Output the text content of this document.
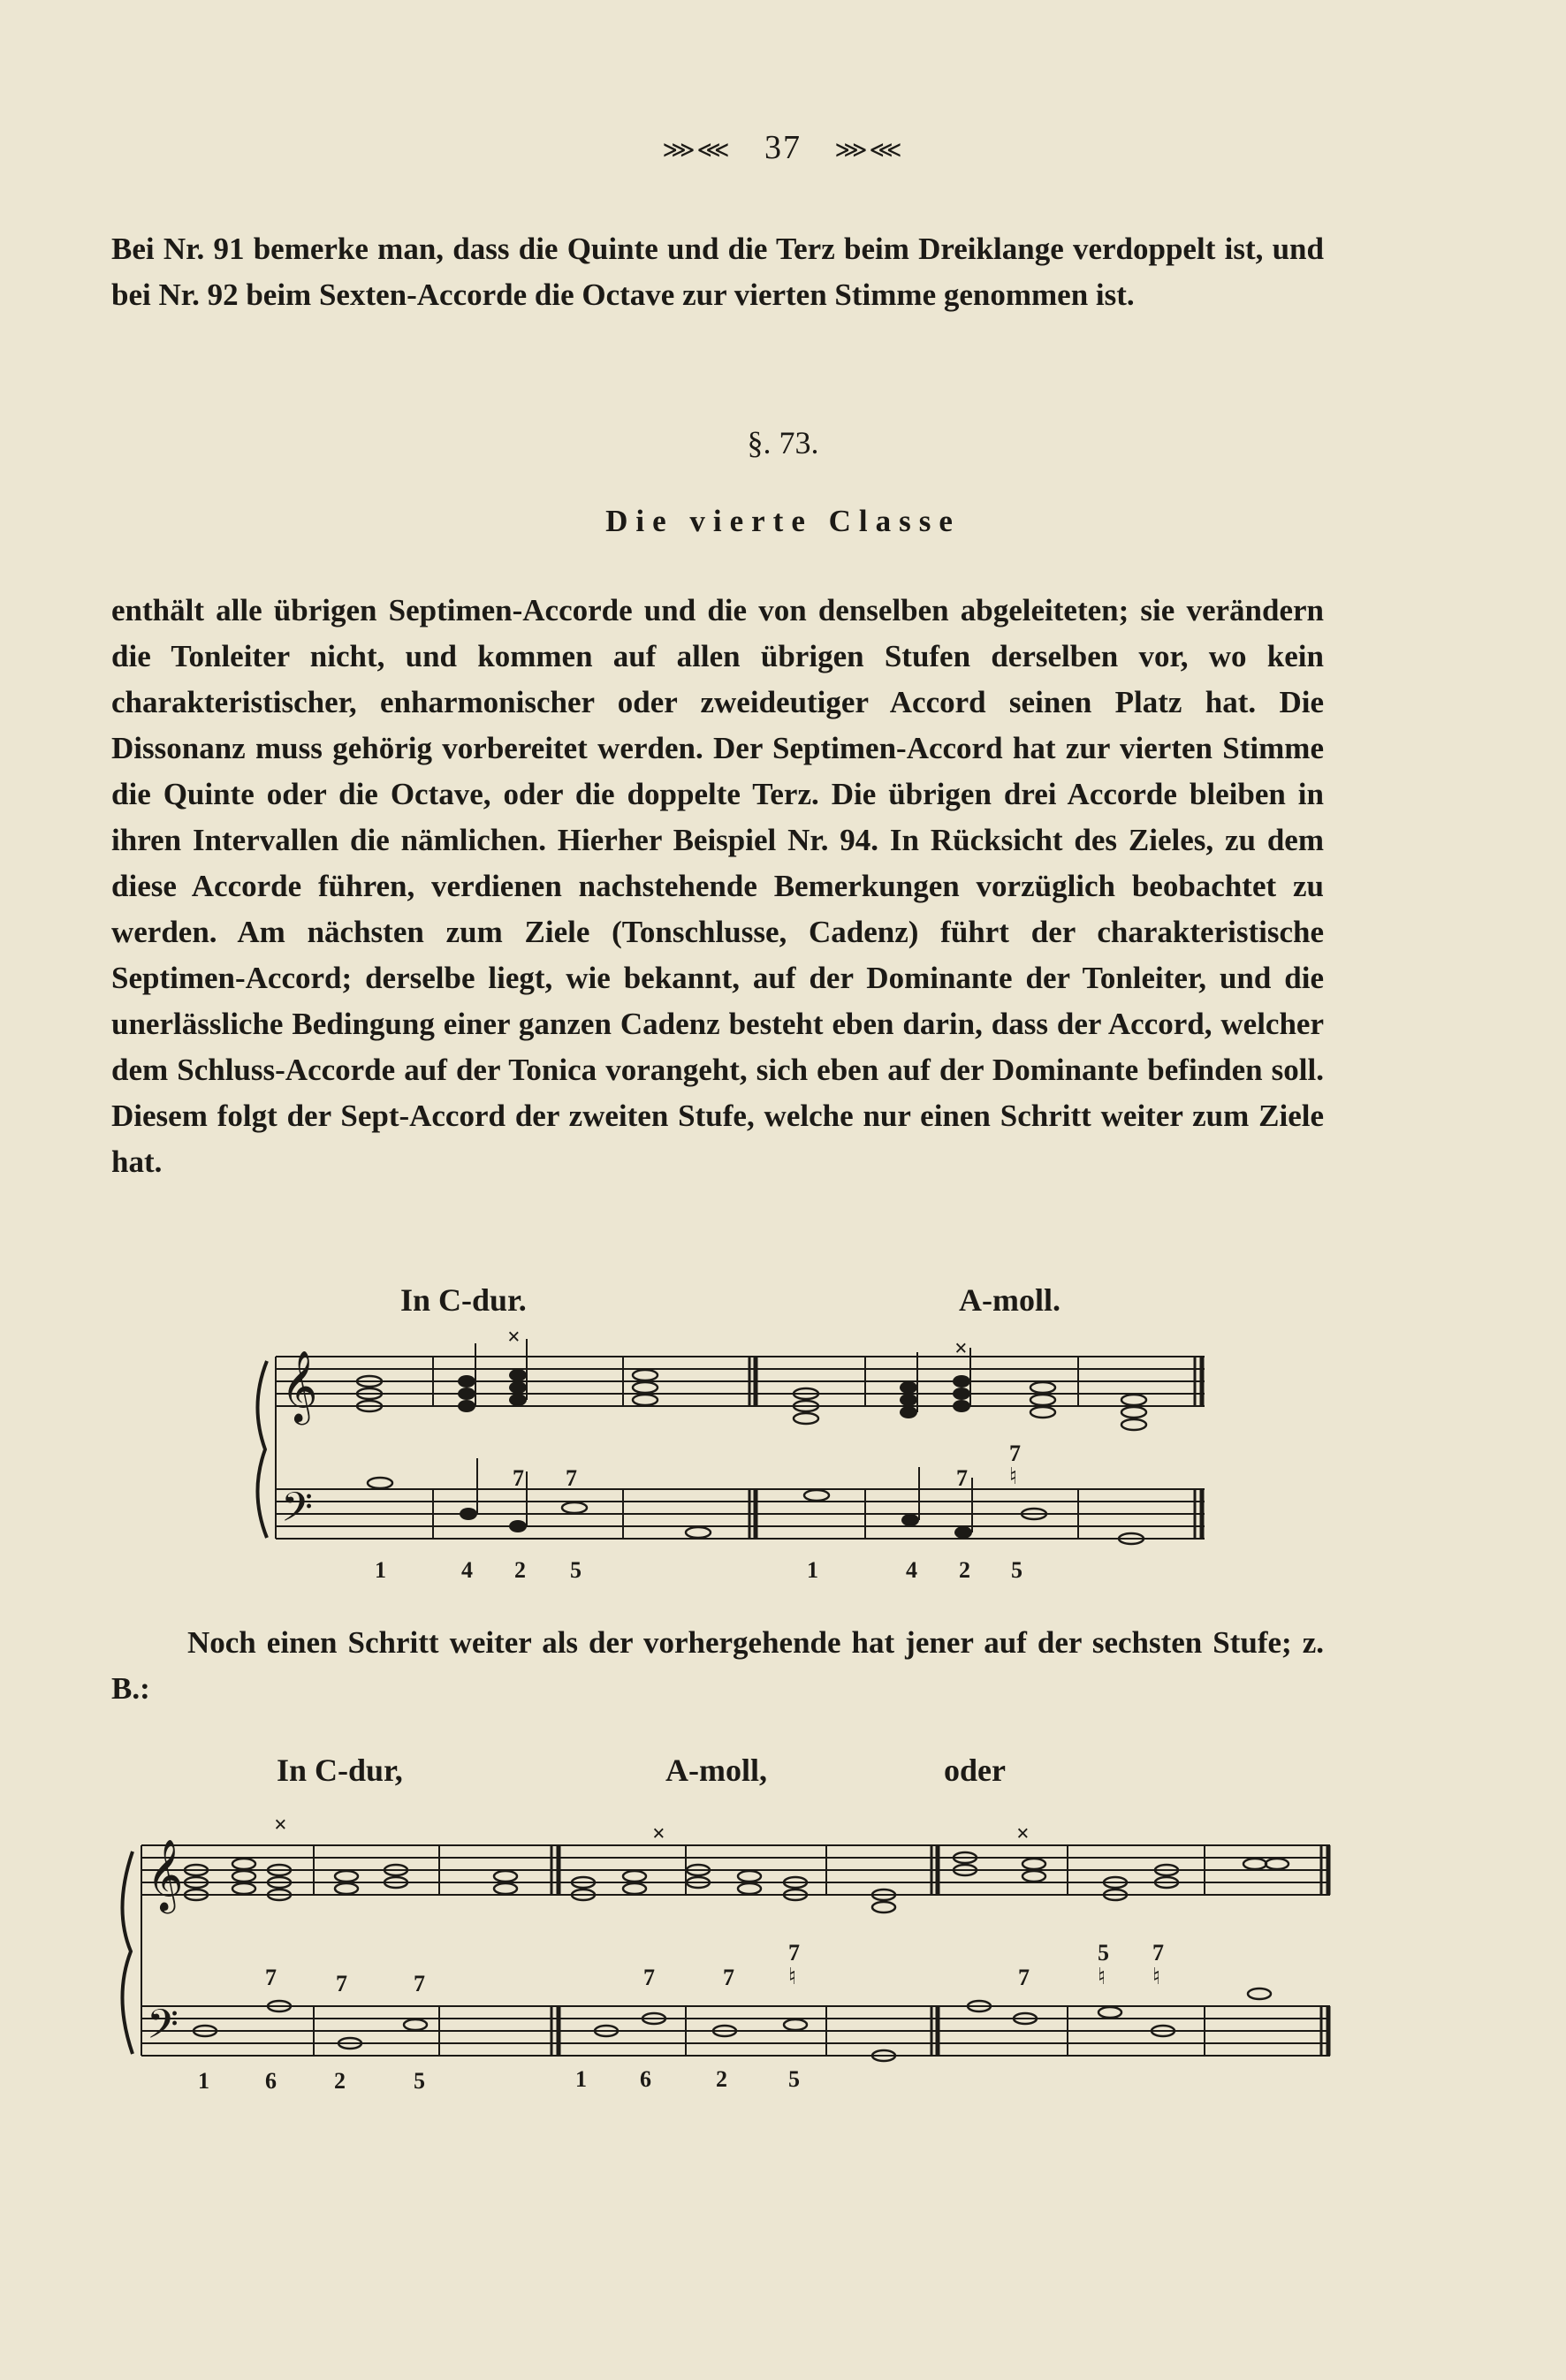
⋙⋘ 37 ⋙⋘
Bei Nr. 91 bemerke man, dass die Quinte und die Terz beim Dreiklange verdoppelt ist, und bei Nr. 92 beim Sexten-Accorde die Octave zur vierten Stimme genommen ist.
§. 73.
Die vierte Classe
enthält alle übrigen Septimen-Accorde und die von denselben abgeleiteten; sie verändern die Tonleiter nicht, und kommen auf allen übrigen Stufen derselben vor, wo kein charakteristischer, enharmonischer oder zweideutiger Accord seinen Platz hat. Die Dissonanz muss gehörig vorbereitet werden. Der Septimen-Accord hat zur vierten Stimme die Quinte oder die Octave, oder die doppelte Terz. Die übrigen drei Accorde bleiben in ihren Intervallen die nämlichen. Hierher Beispiel Nr. 94. In Rücksicht des Zieles, zu dem diese Accorde führen, verdienen nachstehende Bemerkungen vorzüglich beobachtet zu werden. Am nächsten zum Ziele (Tonschlusse, Cadenz) führt der charakteristische Septimen-Accord; derselbe liegt, wie bekannt, auf der Dominante der Tonleiter, und die unerlässliche Bedingung einer ganzen Cadenz besteht eben darin, dass der Accord, welcher dem Schluss-Accorde auf der Tonica vorangeht, sich eben auf der Dominante befinden soll. Diesem folgt der Sept-Accord der zweiten Stufe, welche nur einen Schritt weiter zum Ziele hat.
In C-dur.	A-moll.
Noch einen Schritt weiter als der vorhergehende hat jener auf der sechsten Stufe; z. B.:
In C-dur,	A-moll,	oder
𝄞
𝄢
𝄞
𝄢
×	×
7 7	7
7
♮
1	4 2 5	1	4 2 5
×	×	×
7	7	7	7	7
7
♮	7
5
♮
7
♮
1 6	2	5	1 6	2	5
